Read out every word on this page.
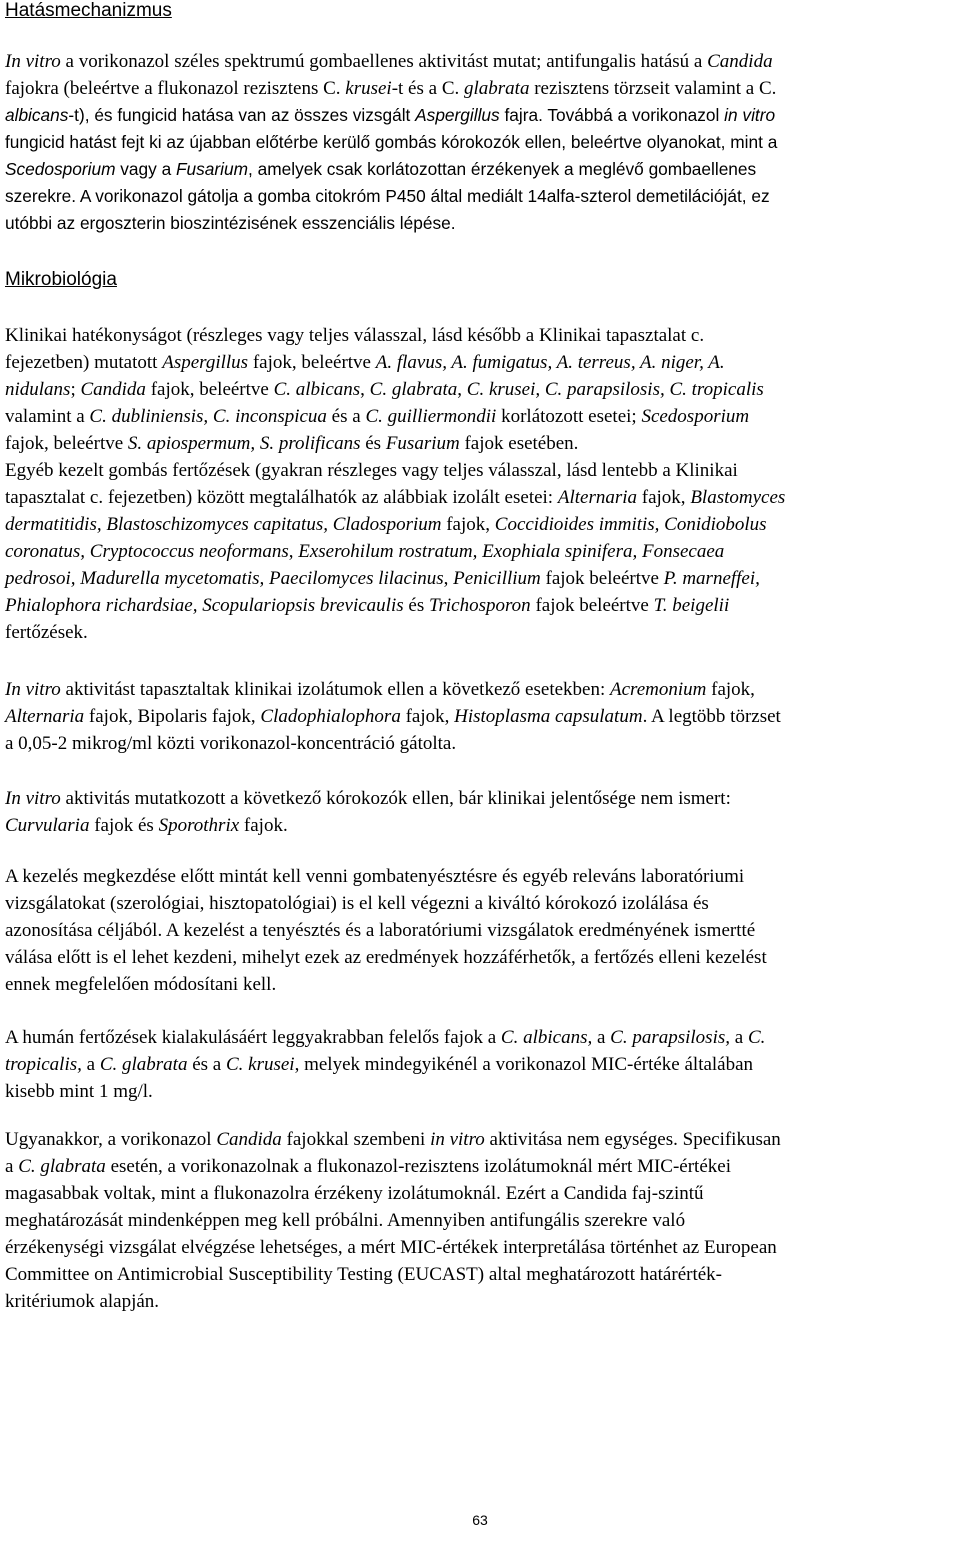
Hatásmechanizmus
In vitro a vorikonazol széles spektrumú gombaellenes aktivitást mutat; antifungalis hatású a Candida
fajokra (beleértve a flukonazol rezisztens C. krusei-t és a C. glabrata rezisztens törzseit valamint a C.
albicans-t), és fungicid hatása van az összes vizsgált Aspergillus fajra. Továbbá a vorikonazol in vitro
fungicid hatást fejt ki az újabban előtérbe kerülő gombás kórokozók ellen, beleértve olyanokat, mint a
Scedosporium vagy a Fusarium, amelyek csak korlátozottan érzékenyek a meglévő gombaellenes
szerekre. A vorikonazol gátolja a gomba citokróm P450 által mediált 14alfa-szterol demetilációját, ez
utóbbi az ergoszterin bioszintézisének esszenciális lépése.
Mikrobiológia
Klinikai hatékonyságot (részleges vagy teljes válasszal, lásd később a Klinikai tapasztalat c.
fejezetben) mutatott Aspergillus fajok, beleértve A. flavus, A. fumigatus, A. terreus, A. niger, A.
nidulans; Candida fajok, beleértve C. albicans, C. glabrata, C. krusei, C. parapsilosis, C. tropicalis
valamint a C. dubliniensis, C. inconspicua és a C. guilliermondii korlátozott esetei; Scedosporium
fajok, beleértve S. apiospermum, S. prolificans és Fusarium fajok esetében.
Egyéb kezelt gombás fertőzések (gyakran részleges vagy teljes válasszal, lásd lentebb a Klinikai
tapasztalat c. fejezetben) között megtalálhatók az alábbiak izolált esetei: Alternaria fajok, Blastomyces
dermatitidis, Blastoschizomyces capitatus, Cladosporium fajok, Coccidioides immitis, Conidiobolus
coronatus, Cryptococcus neoformans, Exserohilum rostratum, Exophiala spinifera, Fonsecaea
pedrosoi, Madurella mycetomatis, Paecilomyces lilacinus, Penicillium fajok beleértve P. marneffei,
Phialophora richardsiae, Scopulariopsis brevicaulis és Trichosporon fajok beleértve T. beigelii
fertőzések.
In vitro aktivitást tapasztaltak klinikai izolátumok ellen a következő esetekben: Acremonium fajok,
Alternaria fajok, Bipolaris fajok, Cladophialophora fajok, Histoplasma capsulatum. A legtöbb törzset
a 0,05-2 mikrog/ml közti vorikonazol-koncentráció gátolta.
In vitro aktivitás mutatkozott a következő kórokozók ellen, bár klinikai jelentősége nem ismert:
Curvularia fajok és Sporothrix fajok.
A kezelés megkezdése előtt mintát kell venni gombatenyésztésre és egyéb releváns laboratóriumi
vizsgálatokat (szerológiai, hisztopatológiai) is el kell végezni a kiváltó kórokozó izolálása és
azonosítása céljából. A kezelést a tenyésztés és a laboratóriumi vizsgálatok eredményének ismertté
válása előtt is el lehet kezdeni, mihelyt ezek az eredmények hozzáférhetők, a fertőzés elleni kezelést
ennek megfelelően módosítani kell.
A humán fertőzések kialakulásáért leggyakrabban felelős fajok a C. albicans, a C. parapsilosis, a C.
tropicalis, a C. glabrata és a C. krusei, melyek mindegyikénél a vorikonazol MIC-értéke általában
kisebb mint 1 mg/l.
Ugyanakkor, a vorikonazol Candida fajokkal szembeni in vitro aktivitása nem egységes. Specifikusan
a C. glabrata esetén, a vorikonazolnak a flukonazol-rezisztens izolátumoknál mért MIC-értékei
magasabbak voltak, mint a flukonazolra érzékeny izolátumoknál. Ezért a Candida faj-szintű
meghatározását mindenképpen meg kell próbálni. Amennyiben antifungális szerekre való
érzékenységi vizsgálat elvégzése lehetséges, a mért MIC-értékek interpretálása történhet az European
Committee on Antimicrobial Susceptibility Testing (EUCAST) altal meghatározott határérték-
kritériumok alapján.
63
